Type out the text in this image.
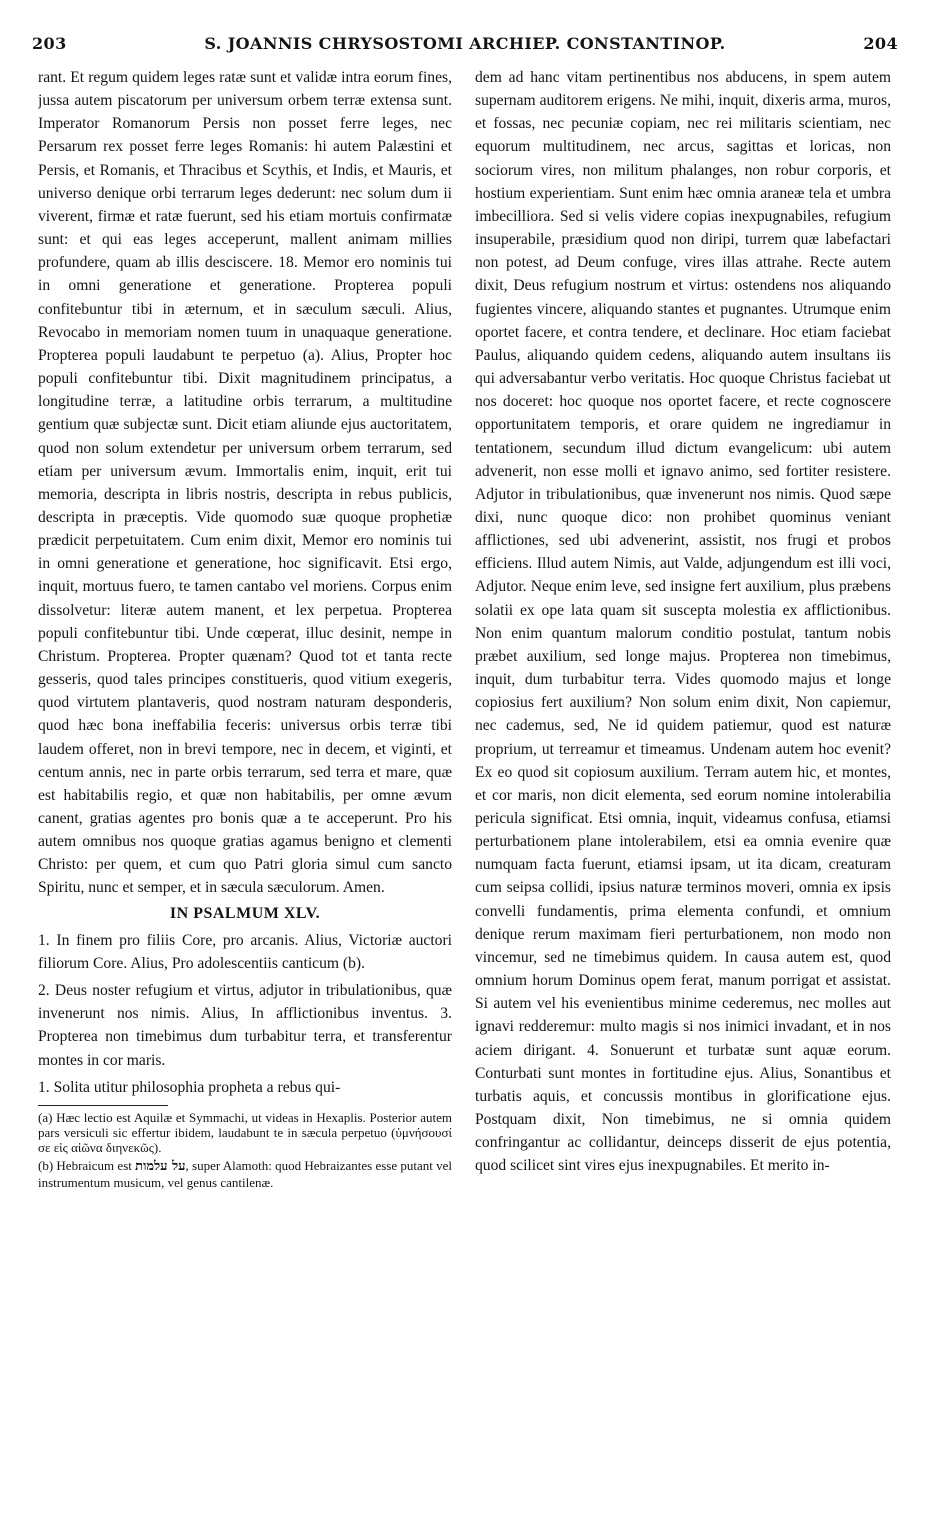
203	S. JOANNIS CHRYSOSTOMI ARCHIEP. CONSTANTINOP.	204

rant. Et regum quidem leges ratæ sunt et validæ intra eorum fines, jussa autem piscatorum per universum orbem terræ extensa sunt. Imperator Romanorum Persis non posset ferre leges, nec Persarum rex posset ferre leges Romanis: hi autem Palæstini et Persis, et Romanis, et Thracibus et Scythis, et Indis, et Mauris, et universo denique orbi terrarum leges dederunt: nec solum dum ii viverent, firmæ et ratæ fuerunt, sed his etiam mortuis confirmatæ sunt: et qui eas leges acceperunt, mallent animam millies profundere, quam ab illis desciscere. 18. Memor ero nominis tui in omni generatione et generatione. Propterea populi confitebuntur tibi in æternum, et in sæculum sæculi. Alius, Revocabo in memoriam nomen tuum in unaquaque generatione. Propterea populi laudabunt te perpetuo (a). Alius, Propter hoc populi confitebuntur tibi. Dixit magnitudinem principatus, a longitudine terræ, a latitudine orbis terrarum, a multitudine gentium quæ subjectæ sunt. Dicit etiam aliunde ejus auctoritatem, quod non solum extendetur per universum orbem terrarum, sed etiam per universum ævum. Immortalis enim, inquit, erit tui memoria, descripta in libris nostris, descripta in rebus publicis, descripta in præceptis. Vide quomodo suæ quoque prophetiæ prædicit perpetuitatem. Cum enim dixit, Memor ero nominis tui in omni generatione et generatione, hoc significavit. Etsi ergo, inquit, mortuus fuero, te tamen cantabo vel moriens. Corpus enim dissolvetur: literæ autem manent, et lex perpetua. Propterea populi confitebuntur tibi. Unde cœperat, illuc desinit, nempe in Christum. Propterea. Propter quænam? Quod tot et tanta recte gesseris, quod tales principes constitueris, quod vitium exegeris, quod virtutem plantaveris, quod nostram naturam desponderis, quod hæc bona ineffabilia feceris: universus orbis terræ tibi laudem offeret, non in brevi tempore, nec in decem, et viginti, et centum annis, nec in parte orbis terrarum, sed terra et mare, quæ est habitabilis regio, et quæ non habitabilis, per omne ævum canent, gratias agentes pro bonis quæ a te acceperunt. Pro his autem omnibus nos quoque gratias agamus benigno et clementi Christo: per quem, et cum quo Patri gloria simul cum sancto Spiritu, nunc et semper, et in sæcula sæculorum. Amen.

IN PSALMUM XLV.

1. In finem pro filiis Core, pro arcanis. Alius, Victoriæ auctori filiorum Core. Alius, Pro adolescentiis canticum (b).

2. Deus noster refugium et virtus, adjutor in tribulationibus, quæ invenerunt nos nimis. Alius, In afflictionibus inventus. 3. Propterea non timebimus dum turbabitur terra, et transferentur montes in cor maris.

1. Solita utitur philosophia propheta a rebus qui-

(a) Hæc lectio est Aquilæ et Symmachi, ut videas in Hexaplis. Posterior autem pars versiculi sic effertur ibidem, laudabunt te in sæcula perpetuo (ὑμνήσουσί σε εἰς αἰῶνα διηνεκῶς).

(b) Hebraicum est על עלמות, super Alamoth: quod Hebraizantes esse putant vel instrumentum musicum, vel genus cantilenæ.

dem ad hanc vitam pertinentibus nos abducens, in spem autem supernam auditorem erigens. Ne mihi, inquit, dixeris arma, muros, et fossas, nec pecuniæ copiam, nec rei militaris scientiam, nec equorum multitudinem, nec arcus, sagittas et loricas, non sociorum vires, non militum phalanges, non robur corporis, et hostium experientiam. Sunt enim hæc omnia araneæ tela et umbra imbecilliora. Sed si velis videre copias inexpugnabiles, refugium insuperabile, præsidium quod non diripi, turrem quæ labefactari non potest, ad Deum confuge, vires illas attrahe. Recte autem dixit, Deus refugium nostrum et virtus: ostendens nos aliquando fugientes vincere, aliquando stantes et pugnantes. Utrumque enim oportet facere, et contra tendere, et declinare. Hoc etiam faciebat Paulus, aliquando quidem cedens, aliquando autem insultans iis qui adversabantur verbo veritatis. Hoc quoque Christus faciebat ut nos doceret: hoc quoque nos oportet facere, et recte cognoscere opportunitatem temporis, et orare quidem ne ingrediamur in tentationem, secundum illud dictum evangelicum: ubi autem advenerit, non esse molli et ignavo animo, sed fortiter resistere. Adjutor in tribulationibus, quæ invenerunt nos nimis. Quod sæpe dixi, nunc quoque dico: non prohibet quominus veniant afflictiones, sed ubi advenerint, assistit, nos frugi et probos efficiens. Illud autem Nimis, aut Valde, adjungendum est illi voci, Adjutor. Neque enim leve, sed insigne fert auxilium, plus præbens solatii ex ope lata quam sit suscepta molestia ex afflictionibus. Non enim quantum malorum conditio postulat, tantum nobis præbet auxilium, sed longe majus. Propterea non timebimus, inquit, dum turbabitur terra. Vides quomodo majus et longe copiosius fert auxilium? Non solum enim dixit, Non capiemur, nec cademus, sed, Ne id quidem patiemur, quod est naturæ proprium, ut terreamur et timeamus. Undenam autem hoc evenit? Ex eo quod sit copiosum auxilium. Terram autem hic, et montes, et cor maris, non dicit elementa, sed eorum nomine intolerabilia pericula significat. Etsi omnia, inquit, videamus confusa, etiamsi perturbationem plane intolerabilem, etsi ea omnia evenire quæ numquam facta fuerunt, etiamsi ipsam, ut ita dicam, creaturam cum seipsa collidi, ipsius naturæ terminos moveri, omnia ex ipsis convelli fundamentis, prima elementa confundi, et omnium denique rerum maximam fieri perturbationem, non modo non vincemur, sed ne timebimus quidem. In causa autem est, quod omnium horum Dominus opem ferat, manum porrigat et assistat. Si autem vel his evenientibus minime cederemus, nec molles aut ignavi redderemur: multo magis si nos inimici invadant, et in nos aciem dirigant. 4. Sonuerunt et turbatæ sunt aquæ eorum. Conturbati sunt montes in fortitudine ejus. Alius, Sonantibus et turbatis aquis, et concussis montibus in glorificatione ejus. Postquam dixit, Non timebimus, ne si omnia quidem confringantur ac collidantur, deinceps disserit de ejus potentia, quod scilicet sint vires ejus inexpugnabiles. Et merito in-
